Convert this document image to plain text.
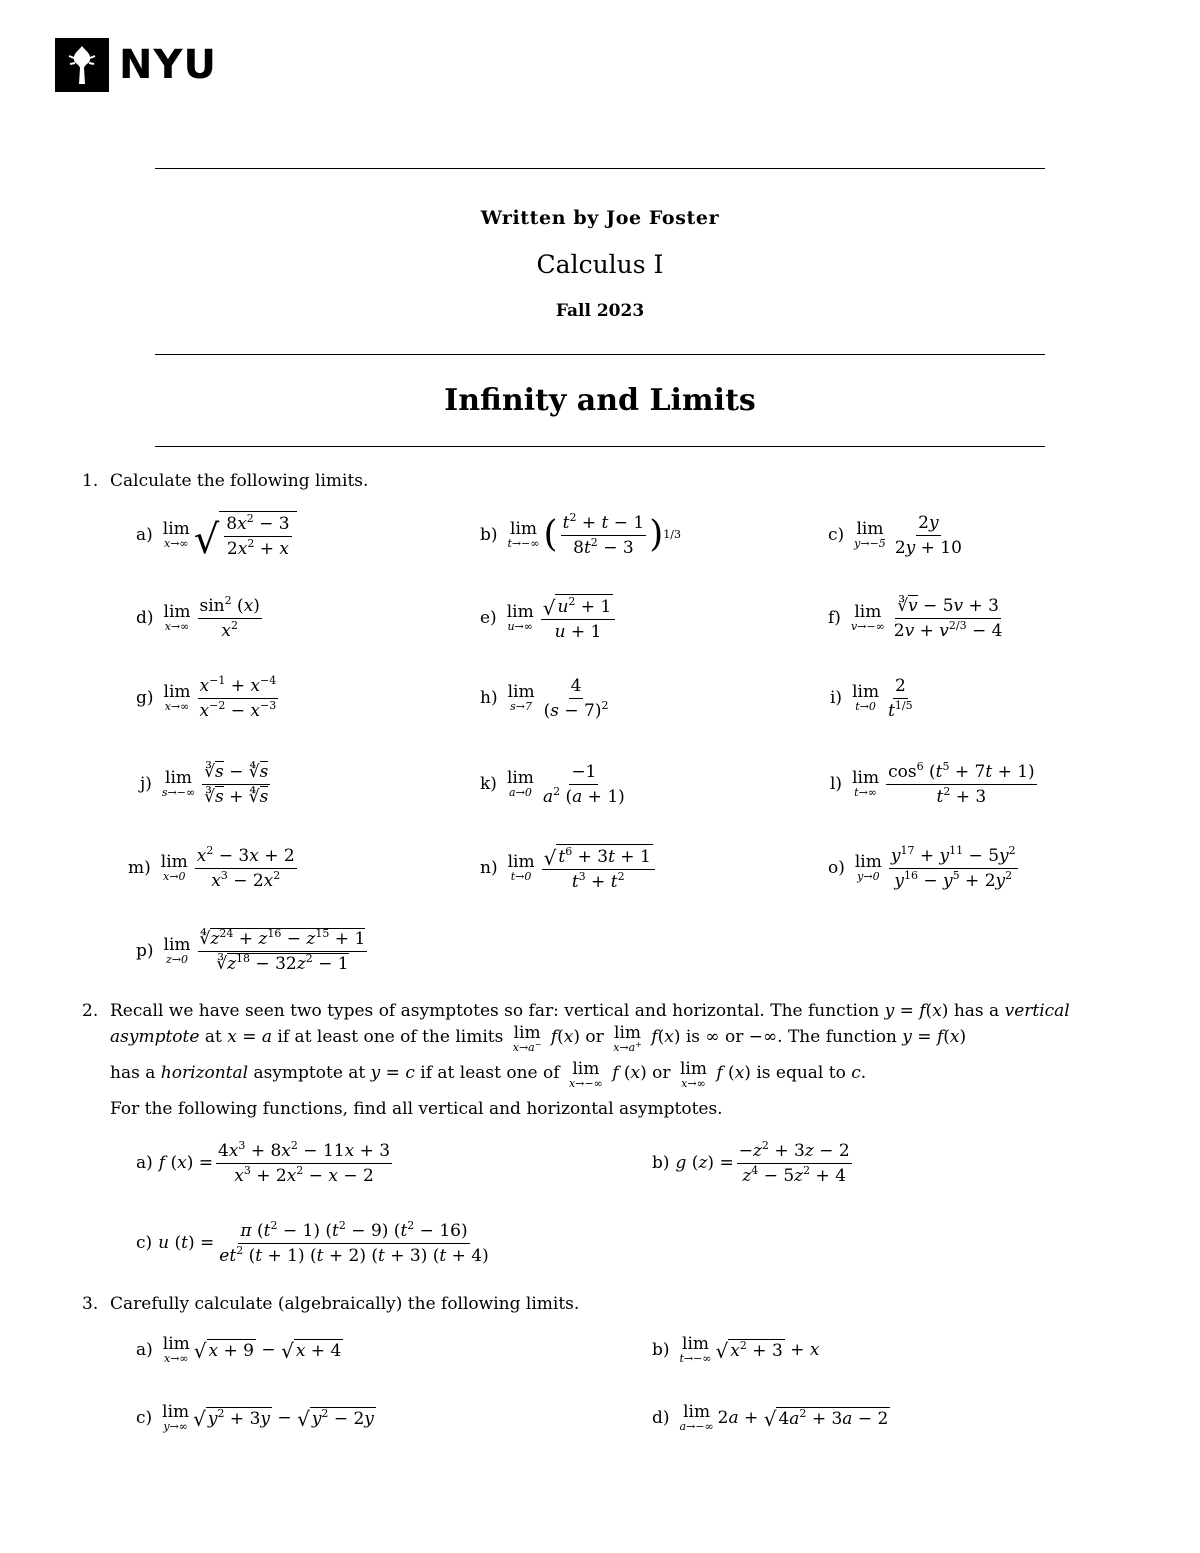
NYU
Written by Joe Foster
Calculus I
Fall 2023
Infinity and Limits
1. Calculate the following limits.
a) lim
x→∞ √ $\frac{8x^2 - 3}{2x^2 + x}$	b) lim
t→−∞ ( $\frac{t^2 + t - 1}{8t^2 - 3}$ ) 1/3	c) lim
$y\to-5 \frac{2y}{2y + 10}$
d) lim
$x\to\infty \frac{\sin^2 (x)}{x^2}$	e) lim
$u\to\infty \frac{√ u^2 + 1}{u + 1}$	f) lim
$v\to-\infty \frac{∛v - 5v + 3}{2v + v^{2/3} - 4}$
g) lim
$x\to\infty \frac{x^{-1} + x^{-4}}{x^{-2} - x^{-3}}$	h) lim
$s\to 7 \frac{4}{(s - 7)^2}$	i) lim
$t\to 0 \frac{2}{t^{1/5}}$
j) lim
$s\to-\infty \frac{∛s - ∜s}{∛s + ∜s}$	k) lim
$a\to 0 \frac{-1}{a^2 (a + 1)}$	l) lim
$t\to\infty \frac{\cos^6 (t^5 + 7t + 1)}{t^2 + 3}$
m) lim
$x\to 0 \frac{x^2 - 3x + 2}{x^3 - 2x^2}$	n) lim
$t\to 0 \frac{√ t^6 + 3t + 1}{t^3 + t^2}$	o) lim
$y\to 0 \frac{y^{17} + y^{11} - 5y^2}{y^{16} - y^5 + 2y^2}$
p) lim
$z\to 0 \frac{∜z^{24} + z^{16} - z^{15} + 1}{∛z^{18} - 32z^2 - 1}$
2. Recall we have seen two types of asymptotes so far: vertical and horizontal. The function y = f(x) has a vertical
asymptote at x = a if at least one of the limits lim
x→a− f(x) or lim
x→a+ f(x) is ∞ or −∞. The function y = f(x)
has a horizontal asymptote at y = c if at least one of lim
x→−∞
f (x) or lim
x→∞
f (x) is equal to c.
For the following functions, find all vertical and horizontal asymptotes.
a) f ( x ) = $\frac{4x^3 + 8x^2 - 11x + 3}{x^3 + 2x^2 - x - 2}$	b) g ( z ) = $\frac{-z^2 + 3z - 2}{z^4 - 5z^2 + 4}$
c) u ( t ) = $\frac{\pi (t^2 - 1) (t^2 - 9) (t^2 - 16)}{et^2 (t + 1) (t + 2) (t + 3) (t + 4)}$
3. Carefully calculate (algebraically) the following limits.
a) lim
x→∞ √ x + 9 − √ x + 4	b) lim
t→−∞ √ $x^2 + 3 + x$
c) lim
y→∞ √ $y^2 + 3y$ − √ $y^2 - 2y$	d) lim
a→−∞ 2 a + √ $4a^2 + 3a - 2$
